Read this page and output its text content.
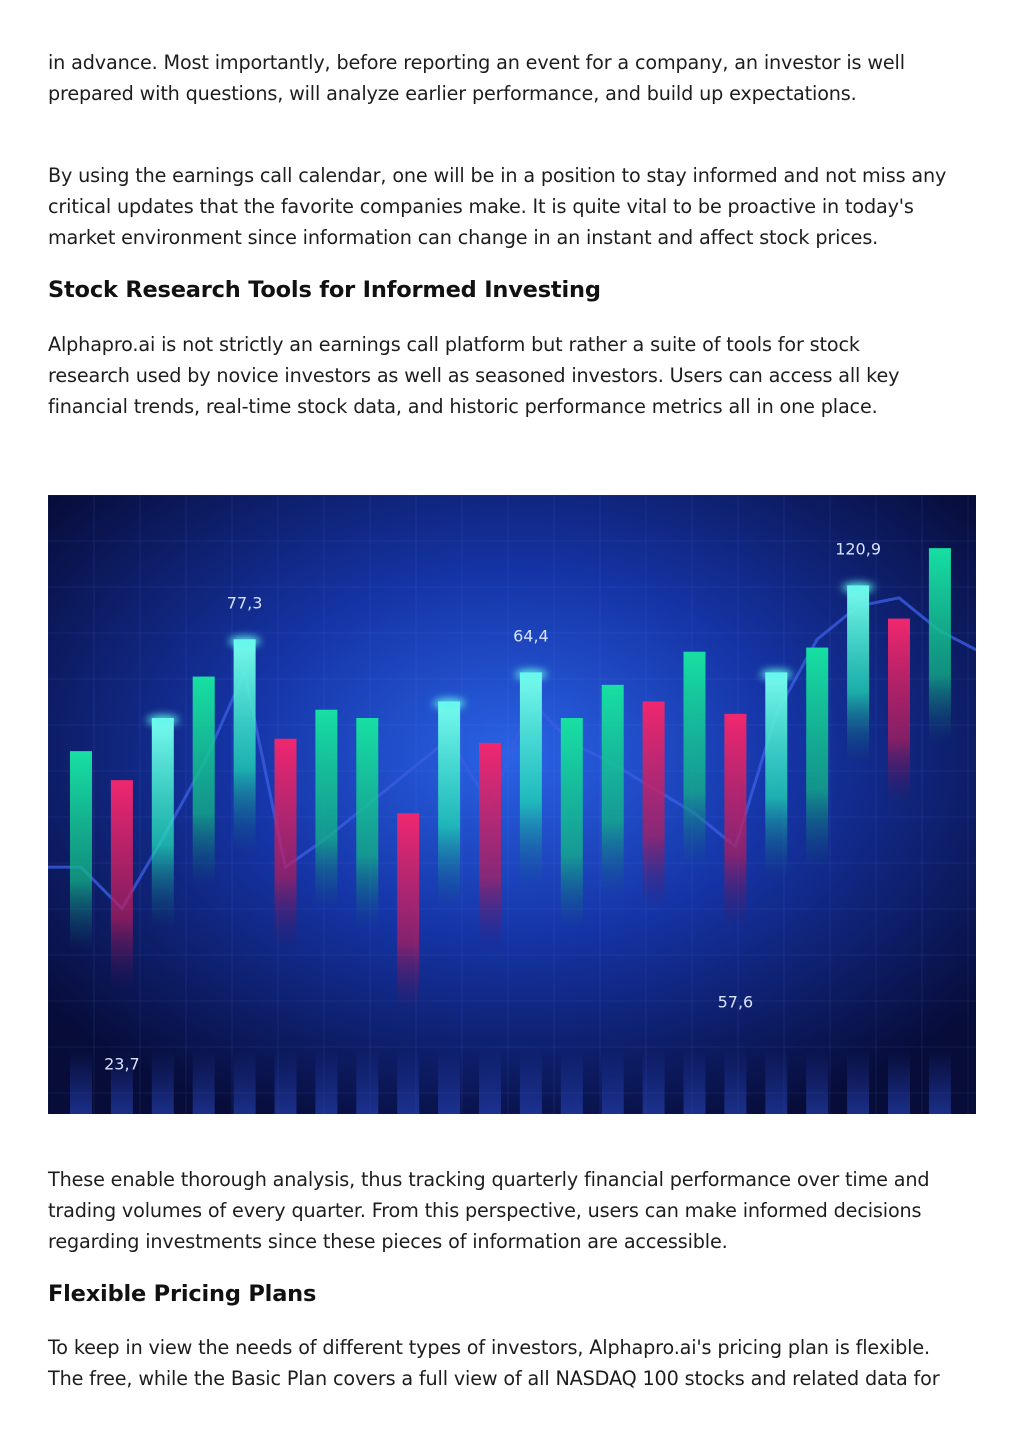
in advance. Most importantly, before reporting an event for a company, an investor is well
prepared with questions, will analyze earlier performance, and build up expectations.

By using the earnings call calendar, one will be in a position to stay informed and not miss any
critical updates that the favorite companies make. It is quite vital to be proactive in today's
market environment since information can change in an instant and affect stock prices.

Stock Research Tools for Informed Investing

Alphapro.ai is not strictly an earnings call platform but rather a suite of tools for stock
research used by novice investors as well as seasoned investors. Users can access all key
financial trends, real-time stock data, and historic performance metrics all in one place.

77,3
64,4
120,9
23,7
57,6

These enable thorough analysis, thus tracking quarterly financial performance over time and
trading volumes of every quarter. From this perspective, users can make informed decisions
regarding investments since these pieces of information are accessible.

Flexible Pricing Plans

To keep in view the needs of different types of investors, Alphapro.ai's pricing plan is flexible.
The free, while the Basic Plan covers a full view of all NASDAQ 100 stocks and related data for
